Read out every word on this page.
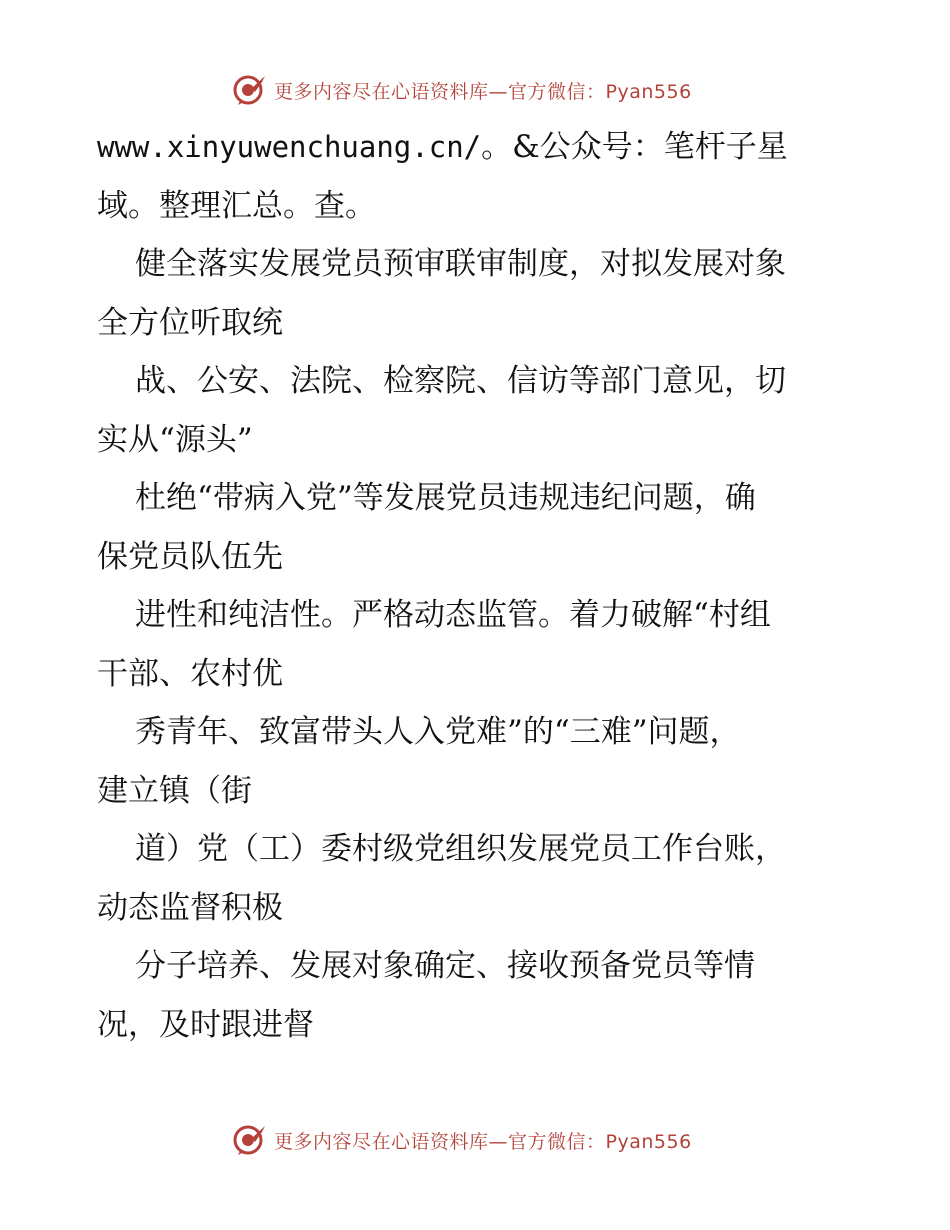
更多内容尽在心语资料库—官方微信：Pyan556
www.xinyuwenchuang.cn/。&公众号：笔杆子星
域。整理汇总。查。
健全落实发展党员预审联审制度，对拟发展对象
全方位听取统
战、公安、法院、检察院、信访等部门意见，切
实从“源头”
杜绝“带病入党”等发展党员违规违纪问题，确
保党员队伍先
进性和纯洁性。严格动态监管。着力破解“村组
干部、农村优
秀青年、致富带头人入党难”的“三难”问题，
建立镇（街
道）党（工）委村级党组织发展党员工作台账，
动态监督积极
分子培养、发展对象确定、接收预备党员等情
况，及时跟进督
更多内容尽在心语资料库—官方微信：Pyan556
